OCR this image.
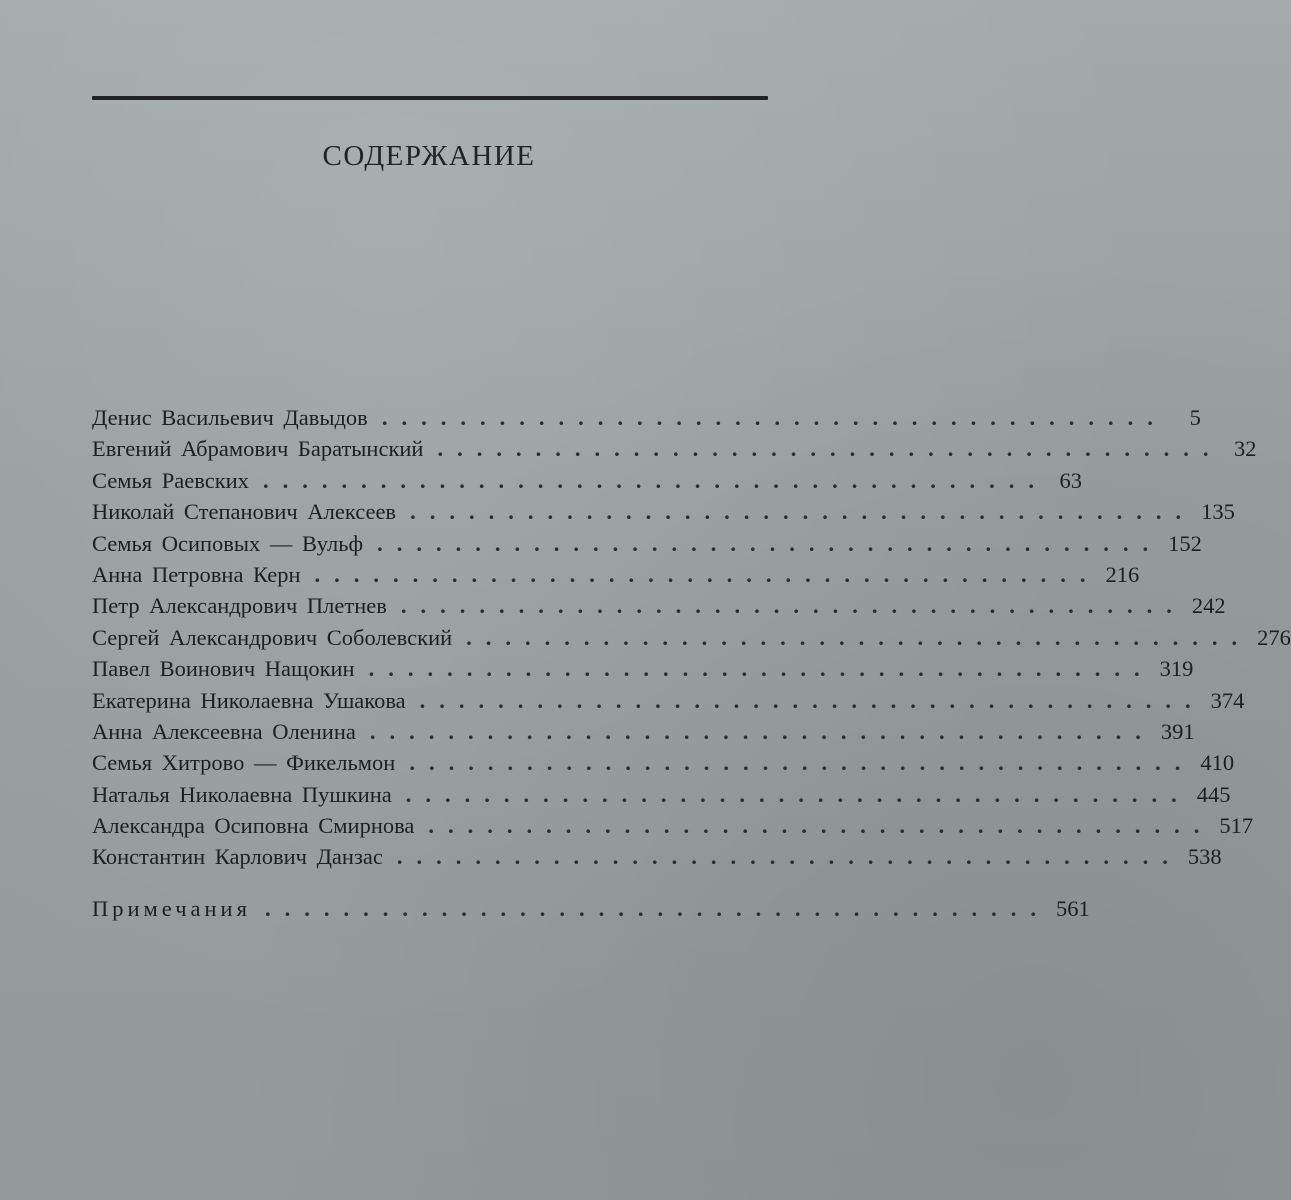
СОДЕРЖАНИЕ
Денис Васильевич Давыдов ........................................	5
Евгений Абрамович Баратынский ........................................ 32
Семья Раевских ........................................ 63
Николай Степанович Алексеев ........................................ 135
Семья Осиповых — Вульф ........................................ 152
Анна Петровна Керн ........................................ 216
Петр Александрович Плетнев ........................................ 242
Сергей Александрович Соболевский ........................................ 276
Павел Воинович Нащокин ........................................ 319
Екатерина Николаевна Ушакова ........................................ 374
Анна Алексеевна Оленина ........................................ 391
Семья Хитрово — Фикельмон ........................................ 410
Наталья Николаевна Пушкина ........................................ 445
Александра Осиповна Смирнова ........................................ 517
Константин Карлович Данзас ........................................ 538
Примечания ........................................ 561
